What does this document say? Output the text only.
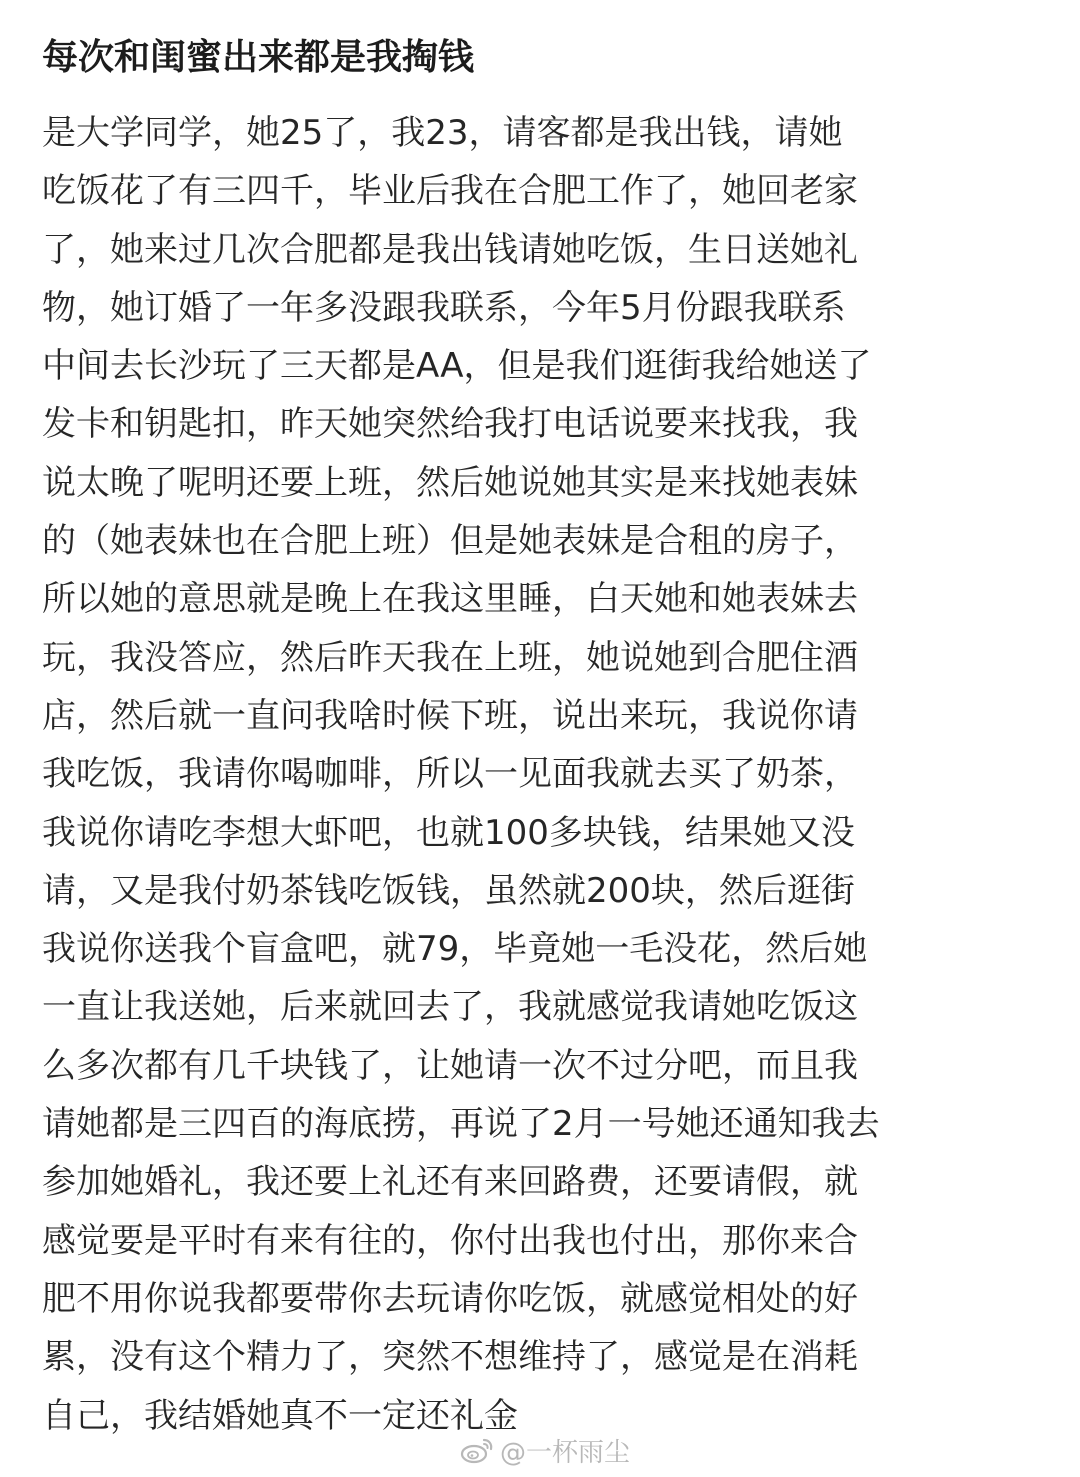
每次和闺蜜出来都是我掏钱
是大学同学，她25了，我23，请客都是我出钱，请她
吃饭花了有三四千，毕业后我在合肥工作了，她回老家
了，她来过几次合肥都是我出钱请她吃饭，生日送她礼
物，她订婚了一年多没跟我联系，今年5月份跟我联系
中间去长沙玩了三天都是AA，但是我们逛街我给她送了
发卡和钥匙扣，昨天她突然给我打电话说要来找我，我
说太晚了呢明还要上班，然后她说她其实是来找她表妹
的（她表妹也在合肥上班）但是她表妹是合租的房子，
所以她的意思就是晚上在我这里睡，白天她和她表妹去
玩，我没答应，然后昨天我在上班，她说她到合肥住酒
店，然后就一直问我啥时候下班，说出来玩，我说你请
我吃饭，我请你喝咖啡，所以一见面我就去买了奶茶，
我说你请吃李想大虾吧，也就100多块钱，结果她又没
请，又是我付奶茶钱吃饭钱，虽然就200块，然后逛街
我说你送我个盲盒吧，就79，毕竟她一毛没花，然后她
一直让我送她，后来就回去了，我就感觉我请她吃饭这
么多次都有几千块钱了，让她请一次不过分吧，而且我
请她都是三四百的海底捞，再说了2月一号她还通知我去
参加她婚礼，我还要上礼还有来回路费，还要请假，就
感觉要是平时有来有往的，你付出我也付出，那你来合
肥不用你说我都要带你去玩请你吃饭，就感觉相处的好
累，没有这个精力了，突然不想维持了，感觉是在消耗
自己，我结婚她真不一定还礼金
@一杯雨尘
